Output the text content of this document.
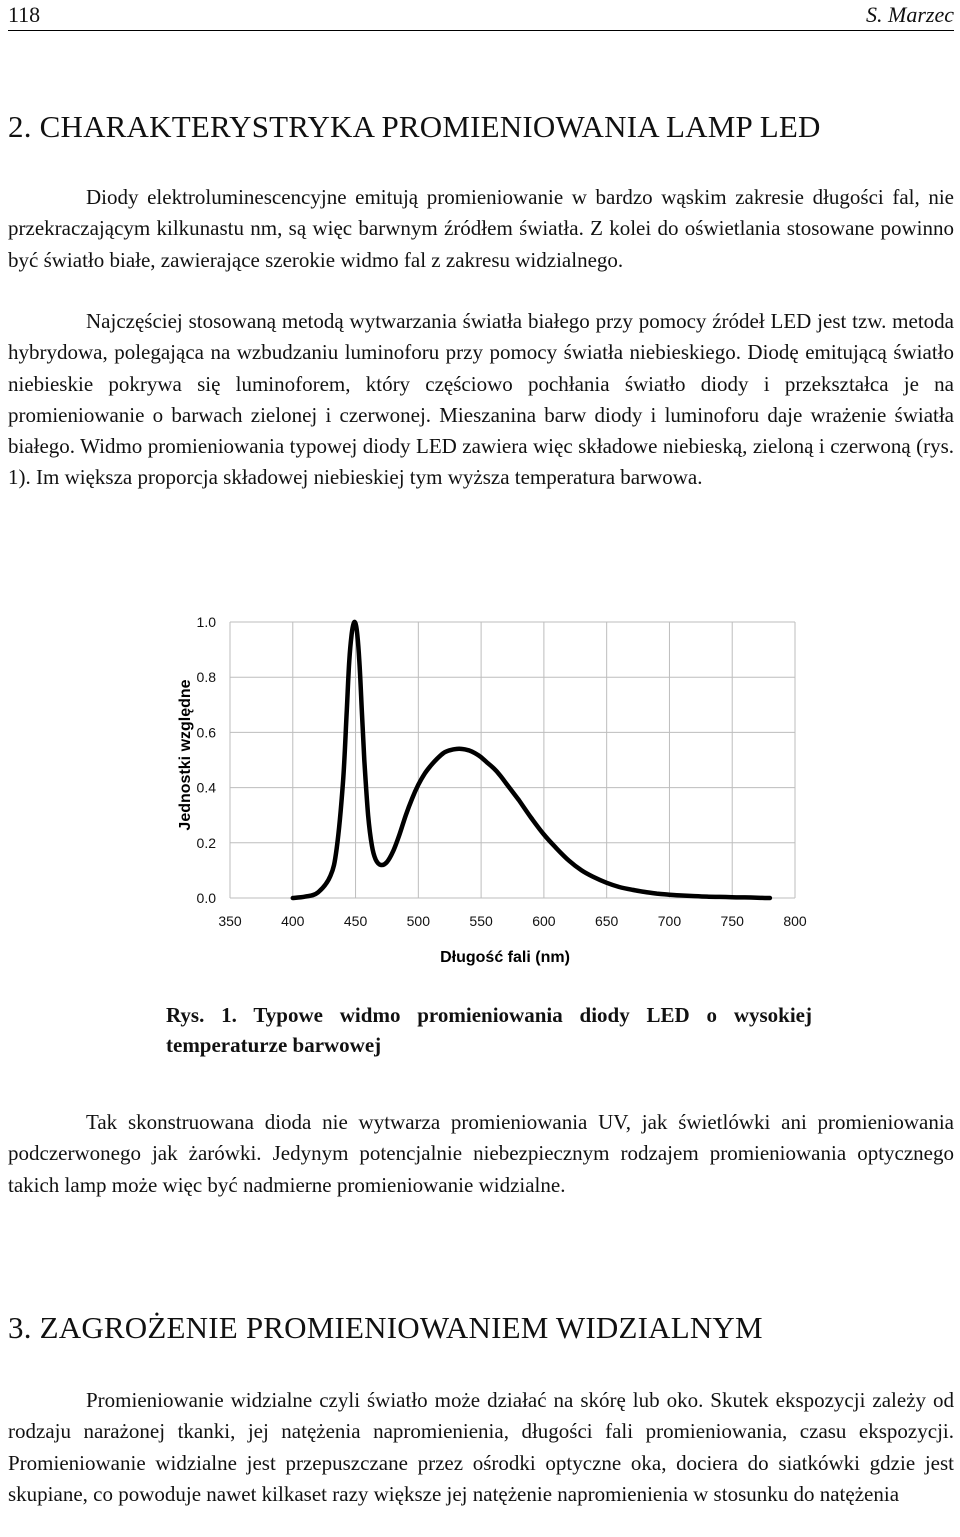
118	S. Marzec
2. CHARAKTERYSTRYKA PROMIENIOWANIA LAMP LED

Diody elektroluminescencyjne emitują promieniowanie w bardzo wąskim zakresie długości fal, nie przekraczającym kilkunastu nm, są więc barwnym źródłem światła. Z kolei do oświetlania stosowane powinno być światło białe, zawierające szerokie widmo fal z zakresu widzialnego.

Najczęściej stosowaną metodą wytwarzania światła białego przy pomocy źródeł LED jest tzw. metoda hybrydowa, polegająca na wzbudzaniu luminoforu przy pomocy światła niebieskiego. Diodę emitującą światło niebieskie pokrywa się luminoforem, który częściowo pochłania światło diody i przekształca je na promieniowanie o barwach zielonej i czerwonej. Mieszanina barw diody i luminoforu daje wrażenie światła białego. Widmo promieniowania typowej diody LED zawiera więc składowe niebieską, zieloną i czerwoną (rys. 1). Im większa proporcja składowej niebieskiej tym wyższa temperatura barwowa.

350	400	450	500	550	600	650	700	750	800
0.0
0.2
0.4
0.6
0.8
1.0
Jednostki względne
Długość fali (nm)

Rys. 1. Typowe widmo promieniowania diody LED o wysokiej temperaturze barwowej

Tak skonstruowana dioda nie wytwarza promieniowania UV, jak świetlówki ani promieniowania podczerwonego jak żarówki. Jedynym potencjalnie niebezpiecznym rodzajem promieniowania optycznego takich lamp może więc być nadmierne promieniowanie widzialne.

3. ZAGROŻENIE PROMIENIOWANIEM WIDZIALNYM

Promieniowanie widzialne czyli światło może działać na skórę lub oko. Skutek ekspozycji zależy od rodzaju narażonej tkanki, jej natężenia napromienienia, długości fali promieniowania, czasu ekspozycji. Promieniowanie widzialne jest przepuszczane przez ośrodki optyczne oka, dociera do siatkówki gdzie jest skupiane, co powoduje nawet kilkaset razy większe jej natężenie napromienienia w stosunku do natężenia
